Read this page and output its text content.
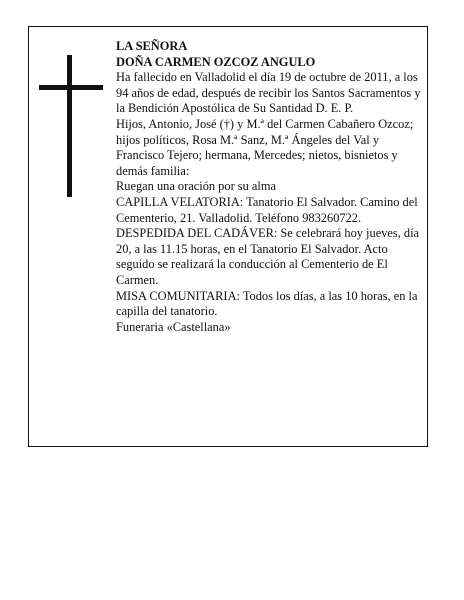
LA SEÑORA

DOÑA CARMEN OZCOZ ANGULO

Ha fallecido en Valladolid el día 19 de octubre de 2011, a los 94 años de edad, después de recibir los Santos Sacramentos y la Bendición Apostólica de Su Santidad D. E. P.

Hijos, Antonio, José (†) y M.ª del Carmen Cabañero Ozcoz; hijos políticos, Rosa M.ª Sanz, M.ª Ángeles del Val y Francisco Tejero; hermana, Mercedes; nietos, bisnietos y demás familia:

Ruegan una oración por su alma

CAPILLA VELATORIA: Tanatorio El Salvador. Camino del Cementerio, 21. Valladolid. Teléfono 983260722.

DESPEDIDA DEL CADÁVER: Se celebrará hoy jueves, día 20, a las 11.15 horas, en el Tanatorio El Salvador. Acto seguido se realizará la conducción al Cementerio de El Carmen.

MISA COMUNITARIA: Todos los días, a las 10 horas, en la capilla del tanatorio.

Funeraria «Castellana»
